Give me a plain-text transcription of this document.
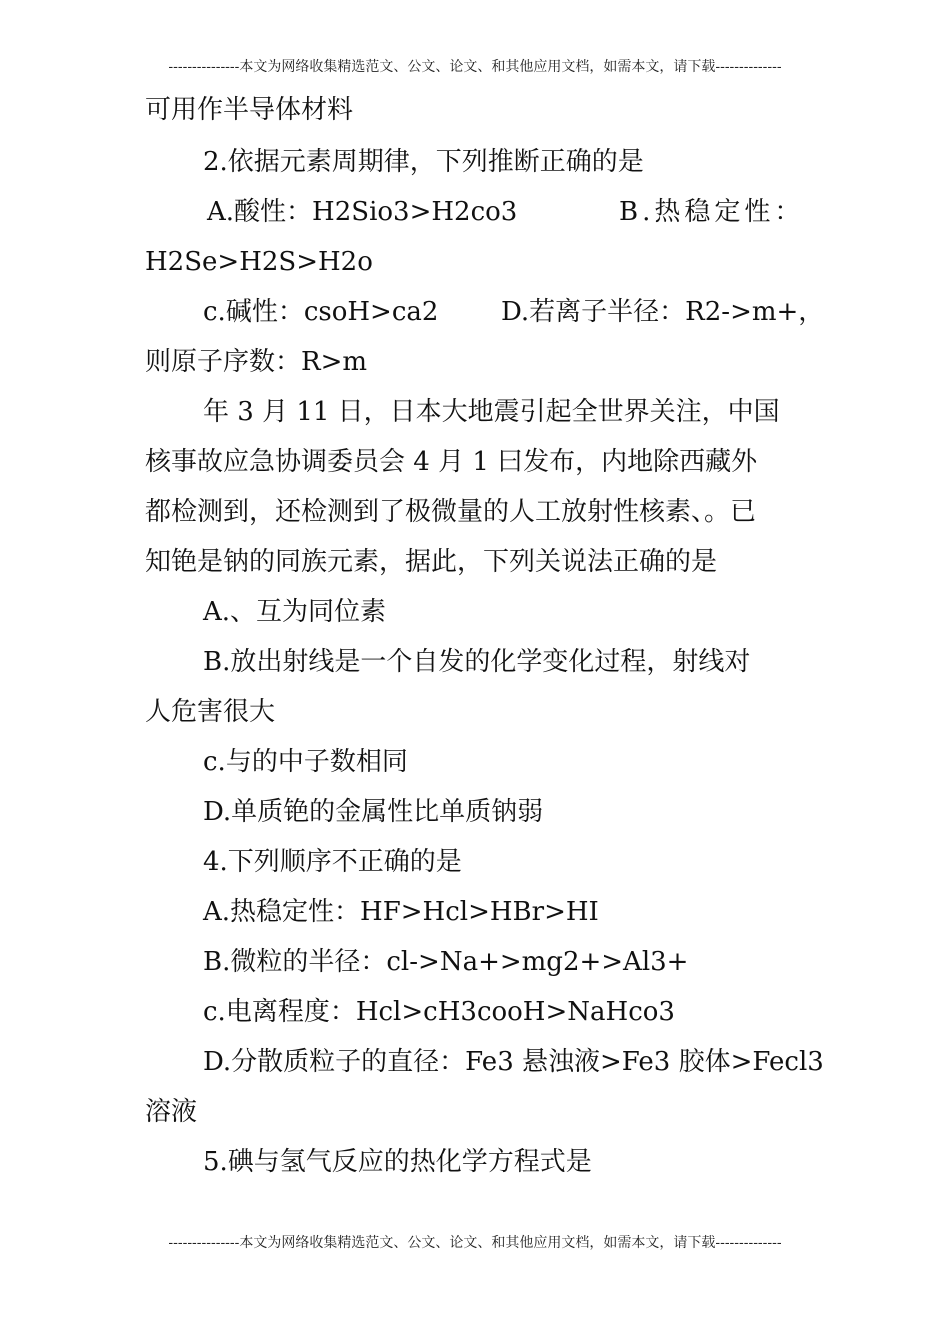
---------------本文为网络收集精选范文、公文、论文、和其他应用文档，如需本文，请下载--------------
可用作半导体材料
2.依据元素周期律，下列推断正确的是
A.酸性：H2Sio3>H2co3	B.热稳定性：
H2Se>H2S>H2o
c.碱性：csoH>ca2 D.若离子半径：R2->m+，
则原子序数：R>m
年 3 月 11 日，日本大地震引起全世界关注，中国
核事故应急协调委员会 4 月 1 曰发布，内地除西藏外
都检测到，还检测到了极微量的人工放射性核素、。已
知铯是钠的同族元素，据此，下列关说法正确的是
A.、互为同位素
B.放出射线是一个自发的化学变化过程，射线对
人危害很大
c.与的中子数相同
D.单质铯的金属性比单质钠弱
4.下列顺序不正确的是
A.热稳定性：HF>Hcl>HBr>HI
B.微粒的半径：cl->Na+>mg2+>Al3+
c.电离程度：Hcl>cH3cooH>NaHco3
D.分散质粒子的直径：Fe3 悬浊液>Fe3 胶体>Fecl3
溶液
5.碘与氢气反应的热化学方程式是
---------------本文为网络收集精选范文、公文、论文、和其他应用文档，如需本文，请下载--------------
